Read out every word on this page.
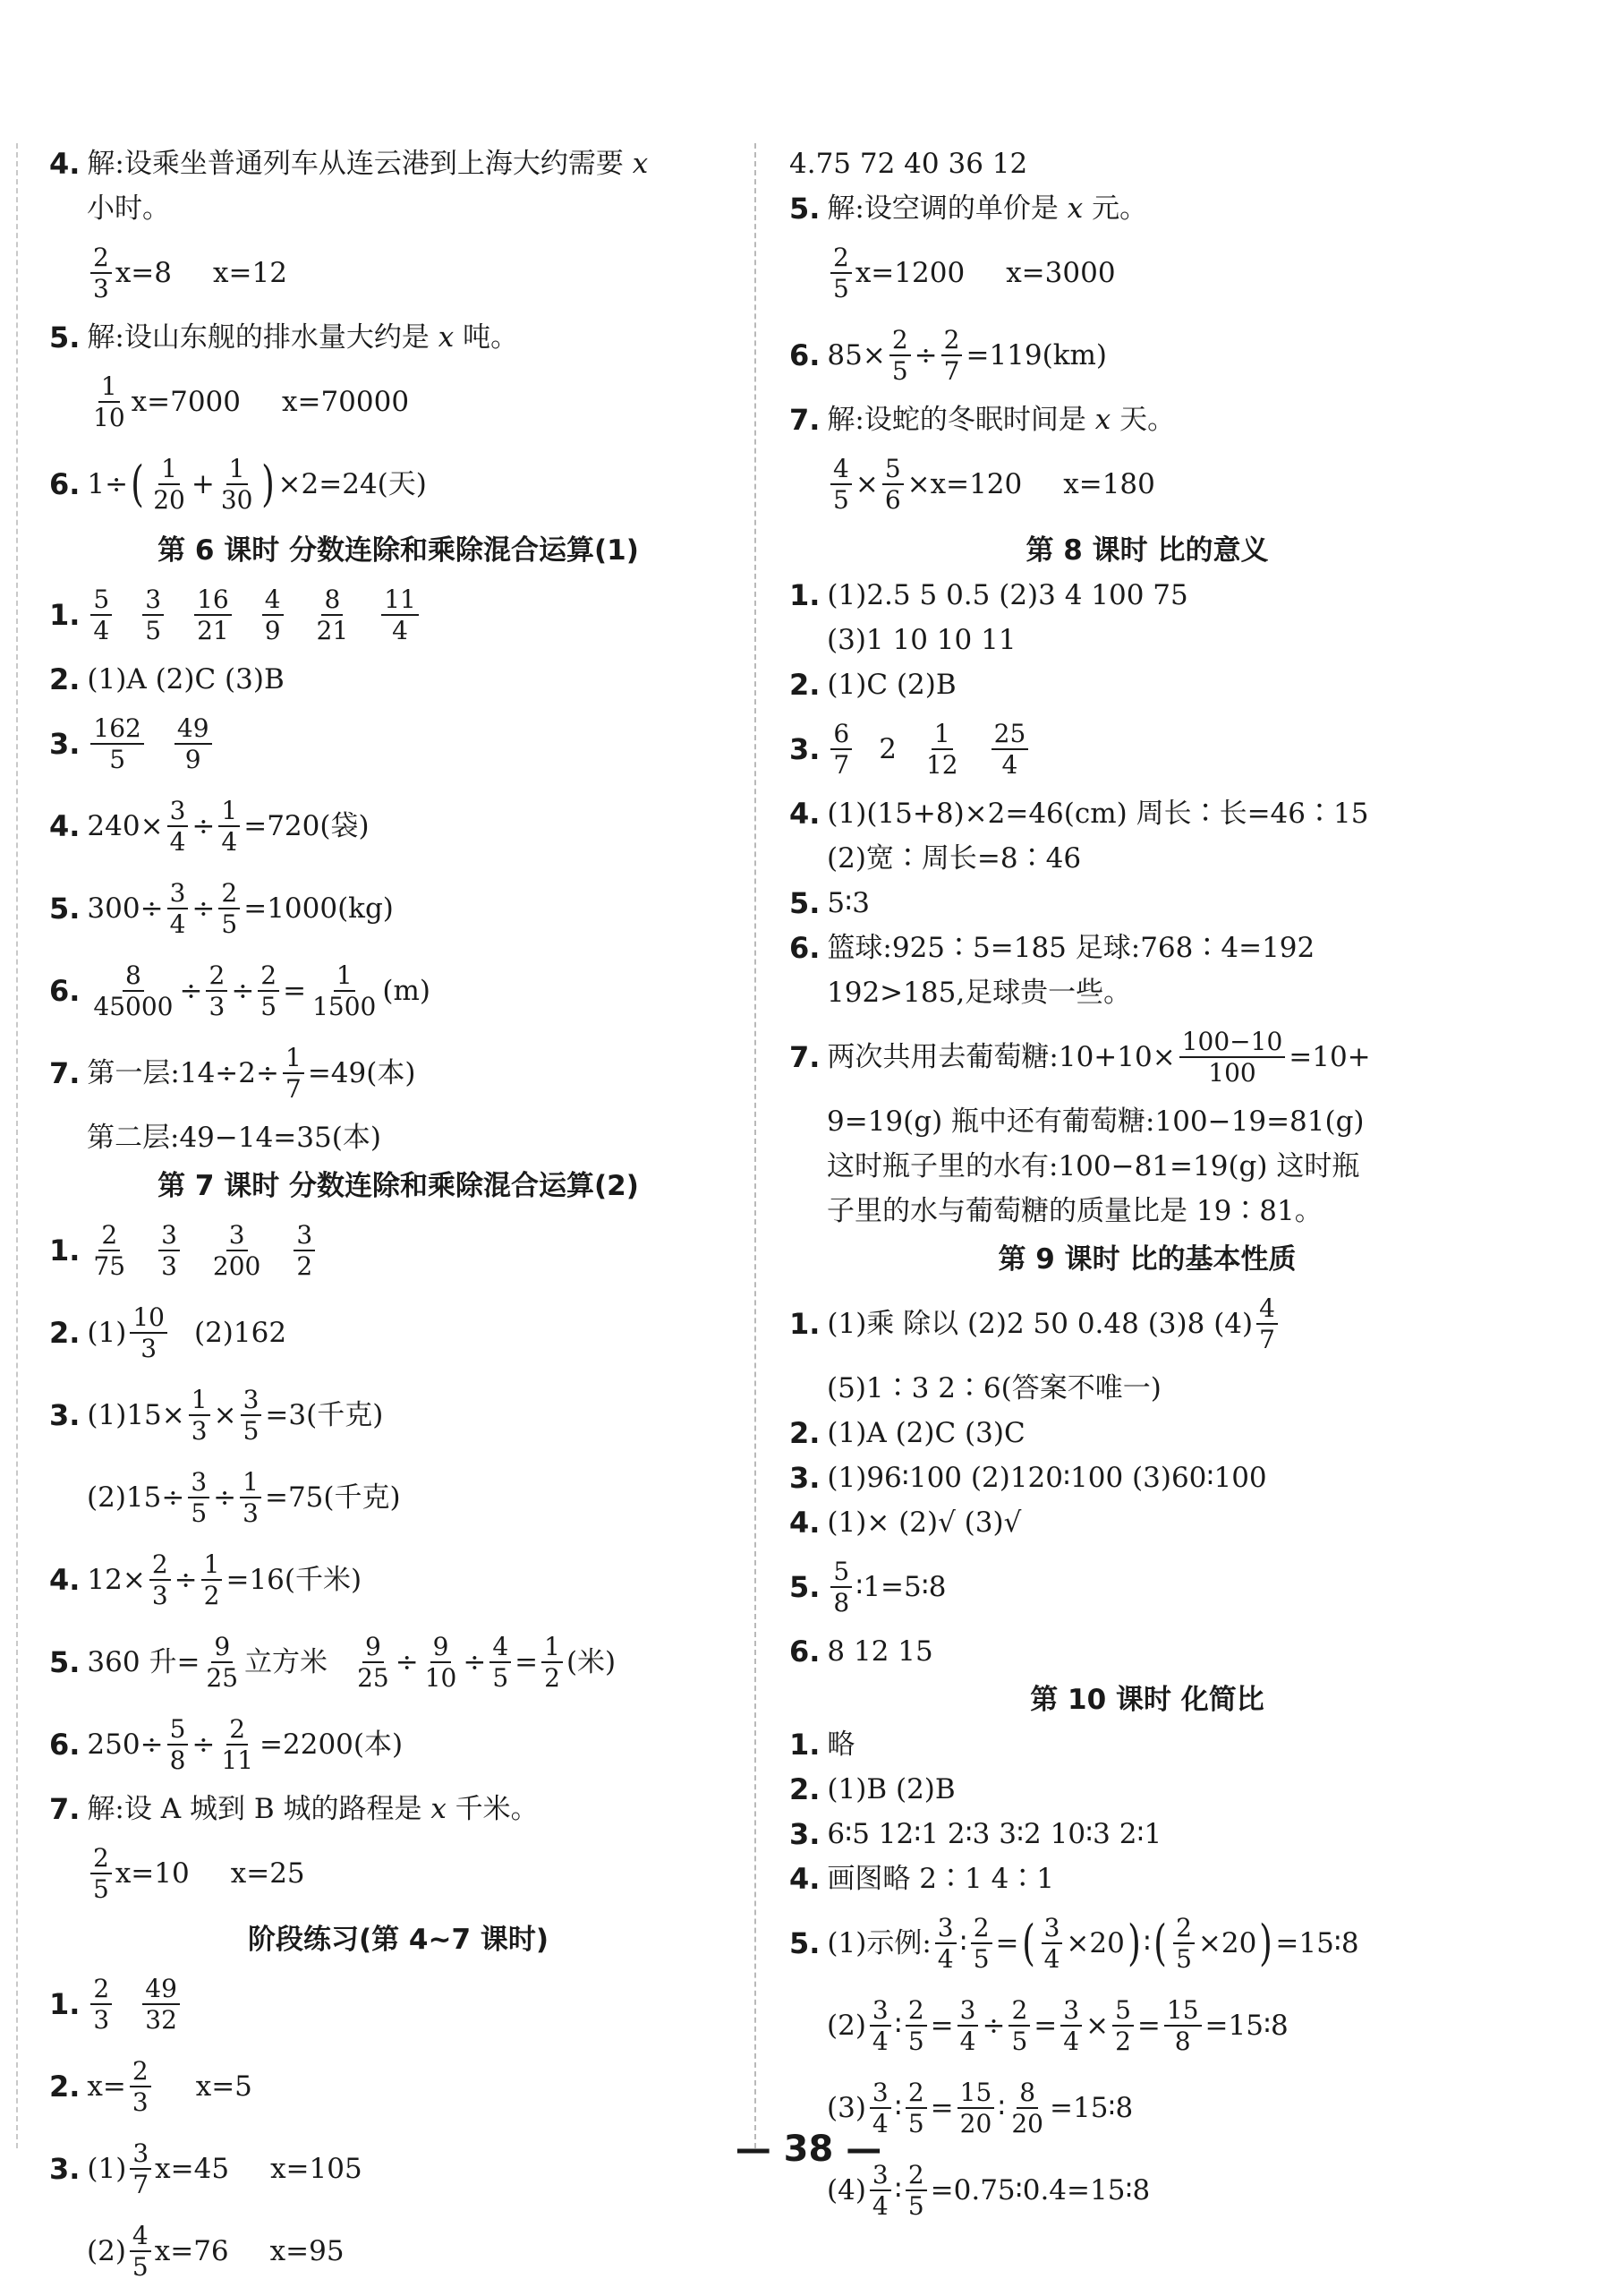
4. 解:设乘坐普通列车从连云港到上海大约需要
x
小时。
2
3 x=8 x=12
5. 解:设山东舰的排水量大约是
x
吨。
1
10 x=7000 x=70000
6. 1÷ ( 1
$20 + \frac{1}{30}$ ) ×2=24(天)
第 6 课时 分数连除和乘除混合运算(1)
1. 5
4
3
5
16
21
4
9
8
21
11
4
2. (1)A (2)C (3)B
3. 162
5
49
9
4. $240\times \frac{3}{4} \div \frac{1}{4} =720$(袋)
5. $300\div \frac{3}{4} \div \frac{2}{5} =1000(kg)$
6. $\frac{8}{45000} \div \frac{2}{3} \div \frac{2}{5} = \frac{1}{1500} (m)$
7. 第一层:14÷2÷ $\frac{1}{7} =49$(本)
第二层:49−14=35(本)
第 7 课时 分数连除和乘除混合运算(2)
1. 2
75
3
3
3
200
3
2
2. (1) 10
3 (2)162
3. $(1)15\times \frac{1}{3} \times \frac{3}{5} =3$(千克)
$(2)15\div \frac{3}{5} \div \frac{1}{3} =75$(千克)
4. $12\times \frac{2}{3} \div \frac{1}{2} =16$(千米)
5. 360 升= $\frac{9}{25}$ 立方米 $\frac{9}{25} \div \frac{9}{10} \div \frac{4}{5} = \frac{1}{2}$ (米)
6. $250\div \frac{5}{8} \div \frac{2}{11} =2200$(本)
7. 解:设 A 城到 B 城的路程是
x
千米。
2
5 x=10 x=25
阶段练习(第 4~7 课时)
1. 2
3
49
32
2. $x= \frac{2}{3} x=5$
3. (1) 3
7 x=45 x=105
(2) 4
5 x=76 x=95
4.75 72 40 36 12
5. 解:设空调的单价是
x
元。
2
5 x=1200 x=3000
6. $85\times \frac{2}{5} \div \frac{2}{7} =119(km)$
7. 解:设蛇的冬眠时间是
x
天。
$\frac{4}{5} \times \frac{5}{6} \times x=120$ x=180
第 8 课时 比的意义
1. (1)2.5 5 0.5 (2)3 4 100 75
(3)1 10 10 11
2. (1)C (2)B
3. 6
7 2 1
12
25
4
4. (1)(15+8)×2=46(cm) 周长∶长=46∶15
(2)宽∶周长=8∶46
5. 5∶3
6. 篮球:925∶5=185 足球:768∶4=192
192>185,足球贵一些。
7. 两次共用去葡萄糖:10+10× $\frac{100-10}{100} =10+$
9=19(g) 瓶中还有葡萄糖:100−19=81(g)
这时瓶子里的水有:100−81=19(g) 这时瓶
子里的水与葡萄糖的质量比是 19∶81。
第 9 课时 比的基本性质
1. (1)乘 除以 (2)2 50 0.48 (3)8 (4) 4
7
(5)1∶3 2∶6(答案不唯一)
2. (1)A (2)C (3)C
3. (1)96∶100 (2)120∶100 (3)60∶100
4. (1)× (2)√ (3)√
5. 5
8 ∶1=5∶8
6. 8 12 15
第 10 课时 化简比
1. 略
2. (1)B (2)B
3. 6∶5 12∶1 2∶3 3∶2 10∶3 2∶1
4. 画图略 2∶1 4∶1
5. (1)示例: 3
4 ∶ $\frac{2}{5}$ = ( $\frac{3}{4} \times 20$ ) ∶ ( $\frac{2}{5} \times 20$ ) =15∶8
(2) 3
4 ∶ $\frac{2}{5} = \frac{3}{4} \div \frac{2}{5} = \frac{3}{4} \times \frac{5}{2} = \frac{15}{8}$ =15∶8
(3) 3
4 ∶ $\frac{2}{5} = \frac{15}{20}$ ∶ $\frac{8}{20}$ =15∶8
(4) 3
4 ∶ $\frac{2}{5}$ =0.75∶0.4=15∶8
— 38 —
